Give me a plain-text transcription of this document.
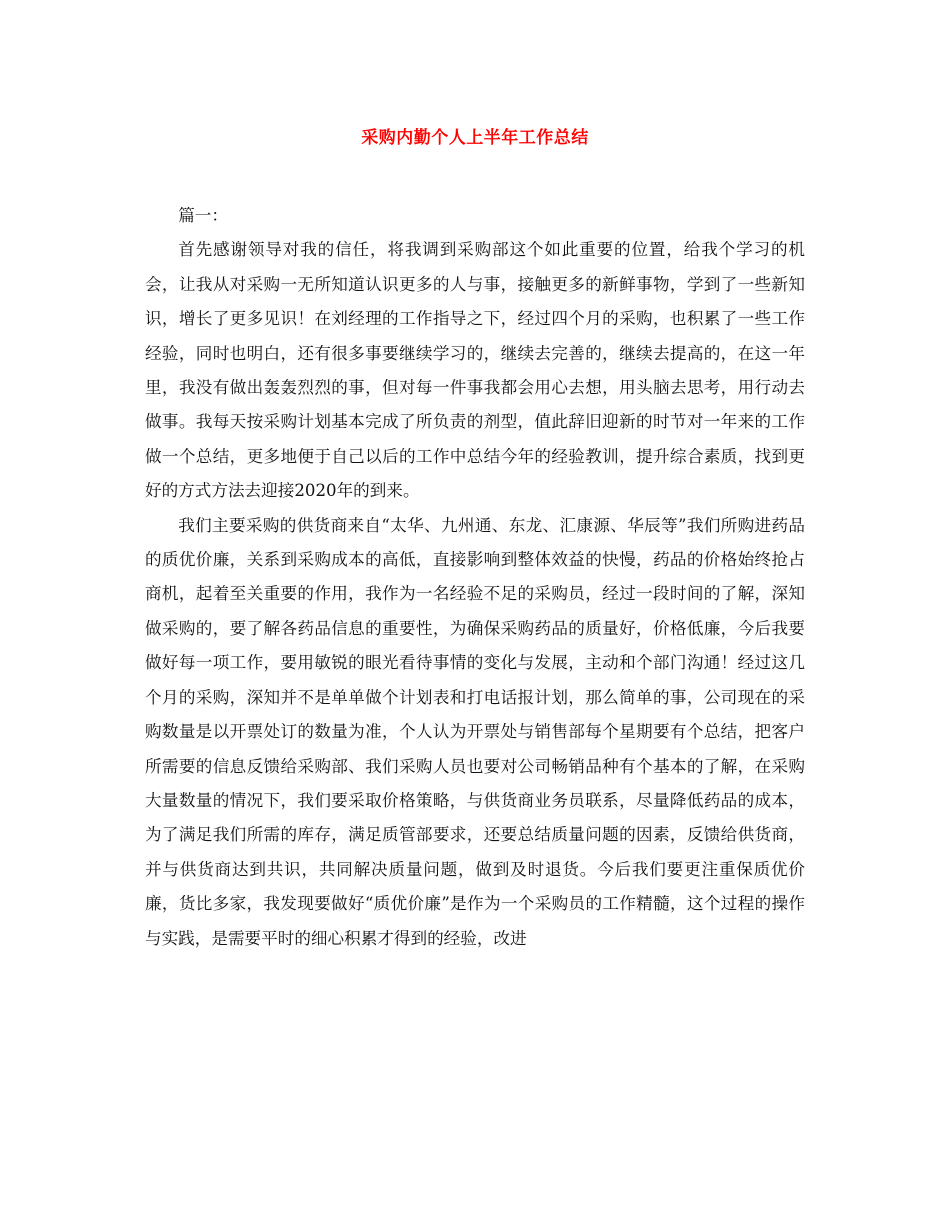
采购内勤个人上半年工作总结

篇一：

首先感谢领导对我的信任，将我调到采购部这个如此重要的位置，给我个学习的机会，让我从对采购一无所知道认识更多的人与事，接触更多的新鲜事物，学到了一些新知识，增长了更多见识！在刘经理的工作指导之下，经过四个月的采购，也积累了一些工作经验，同时也明白，还有很多事要继续学习的，继续去完善的，继续去提高的，在这一年里，我没有做出轰轰烈烈的事，但对每一件事我都会用心去想，用头脑去思考，用行动去做事。我每天按采购计划基本完成了所负责的剂型，值此辞旧迎新的时节对一年来的工作做一个总结，更多地便于自己以后的工作中总结今年的经验教训，提升综合素质，找到更好的方式方法去迎接2020年的到来。

我们主要采购的供货商来自“太华、九州通、东龙、汇康源、华辰等”我们所购进药品的质优价廉，关系到采购成本的高低，直接影响到整体效益的快慢，药品的价格始终抢占商机，起着至关重要的作用，我作为一名经验不足的采购员，经过一段时间的了解，深知做采购的，要了解各药品信息的重要性，为确保采购药品的质量好，价格低廉，今后我要做好每一项工作，要用敏锐的眼光看待事情的变化与发展，主动和个部门沟通！经过这几个月的采购，深知并不是单单做个计划表和打电话报计划，那么简单的事，公司现在的采购数量是以开票处订的数量为准，个人认为开票处与销售部每个星期要有个总结，把客户所需要的信息反馈给采购部、我们采购人员也要对公司畅销品种有个基本的了解，在采购大量数量的情况下，我们要采取价格策略，与供货商业务员联系，尽量降低药品的成本，为了满足我们所需的库存，满足质管部要求，还要总结质量问题的因素，反馈给供货商，并与供货商达到共识，共同解决质量问题，做到及时退货。今后我们要更注重保质优价廉，货比多家，我发现要做好“质优价廉”是作为一个采购员的工作精髓，这个过程的操作与实践，是需要平时的细心积累才得到的经验，改进
